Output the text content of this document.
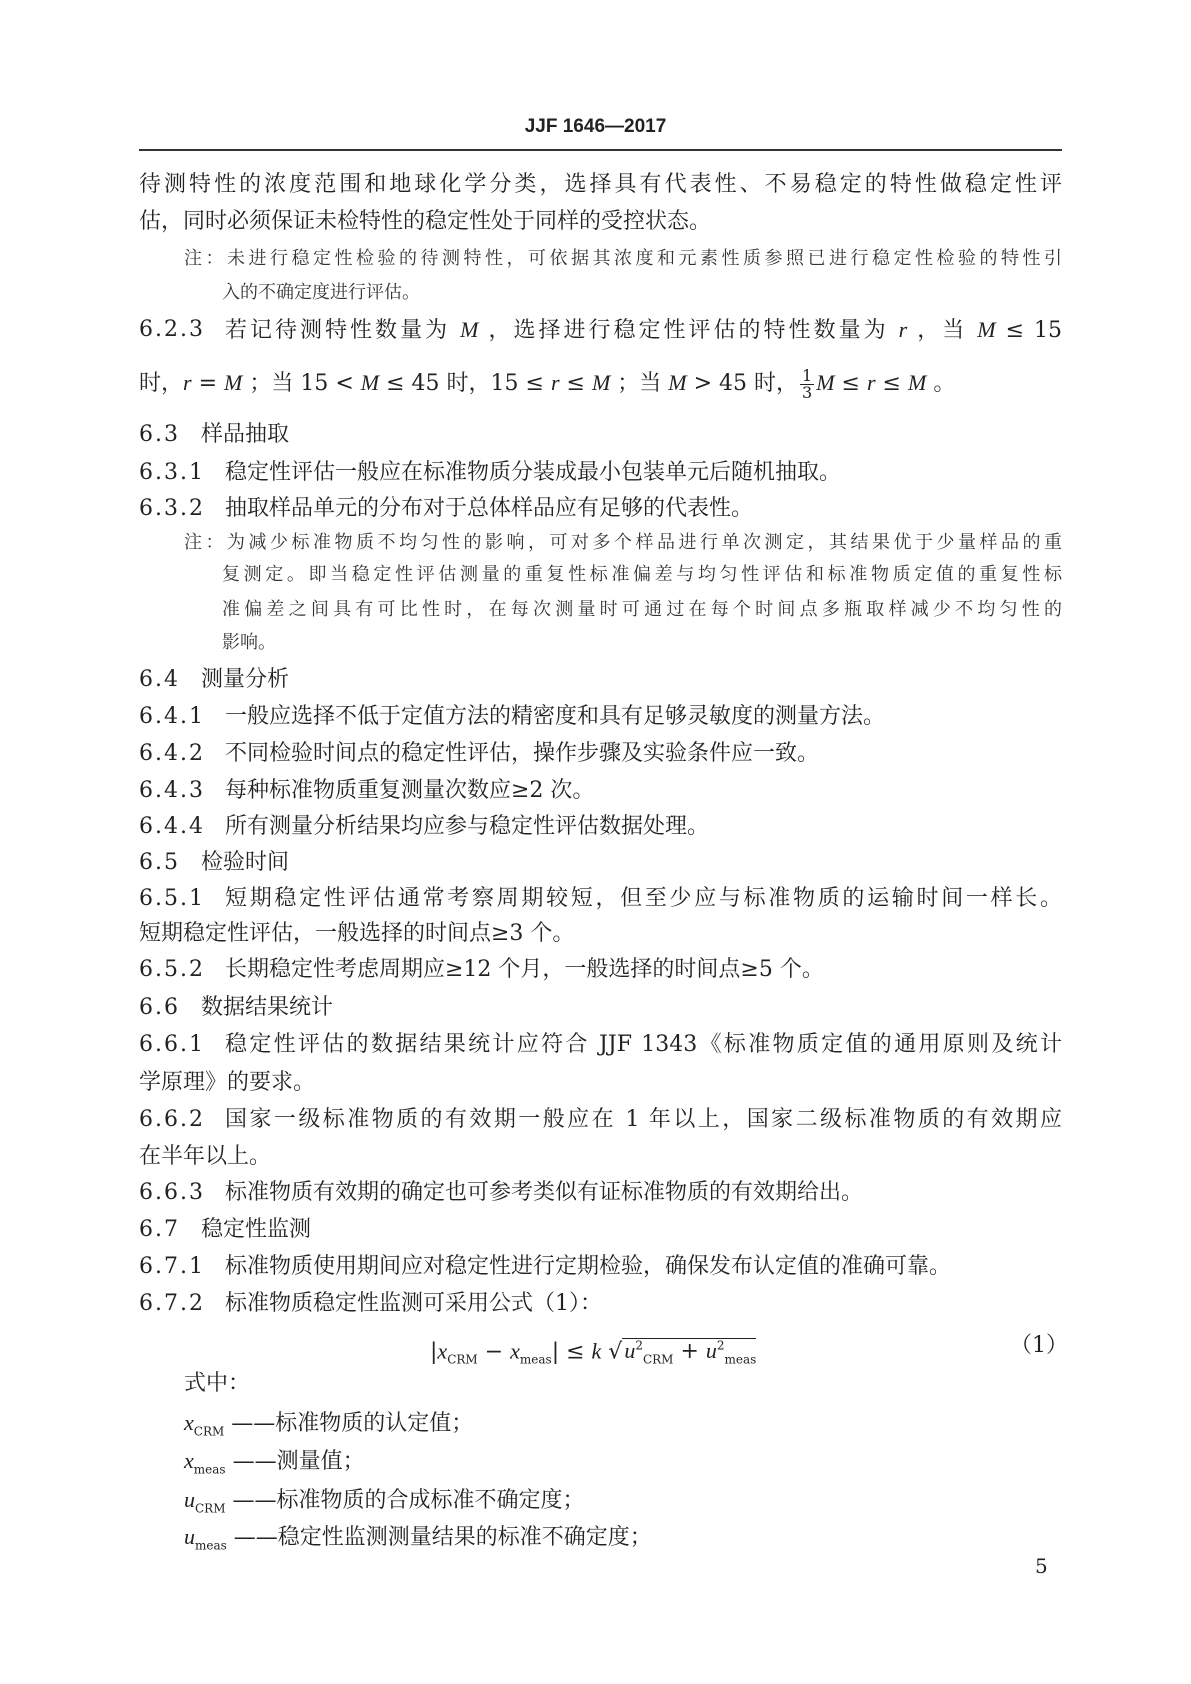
JJF 1646—2017
待测特性的浓度范围和地球化学分类，选择具有代表性、不易稳定的特性做稳定性评
估，同时必须保证未检特性的稳定性处于同样的受控状态。
注：未进行稳定性检验的待测特性，可依据其浓度和元素性质参照已进行稳定性检验的特性引
入的不确定度进行评估。
6.2.3 若记待测特性数量为 M ，选择进行稳定性评估的特性数量为 r ，当 M ≤ 15
时，r = M ；当 15 < M ≤ 45 时，15 ≤ r ≤ M ；当 M > 45 时， $\frac{1}{3}$ M ≤ r ≤ M 。
6.3 样品抽取
6.3.1 稳定性评估一般应在标准物质分装成最小包装单元后随机抽取。
6.3.2 抽取样品单元的分布对于总体样品应有足够的代表性。
注：为减少标准物质不均匀性的影响，可对多个样品进行单次测定，其结果优于少量样品的重
复测定。即当稳定性评估测量的重复性标准偏差与均匀性评估和标准物质定值的重复性标
准偏差之间具有可比性时，在每次测量时可通过在每个时间点多瓶取样减少不均匀性的
影响。
6.4 测量分析
6.4.1 一般应选择不低于定值方法的精密度和具有足够灵敏度的测量方法。
6.4.2 不同检验时间点的稳定性评估，操作步骤及实验条件应一致。
6.4.3 每种标准物质重复测量次数应≥2 次。
6.4.4 所有测量分析结果均应参与稳定性评估数据处理。
6.5 检验时间
6.5.1 短期稳定性评估通常考察周期较短，但至少应与标准物质的运输时间一样长。
短期稳定性评估，一般选择的时间点≥3 个。
6.5.2 长期稳定性考虑周期应≥12 个月，一般选择的时间点≥5 个。
6.6 数据结果统计
6.6.1 稳定性评估的数据结果统计应符合 JJF 1343《标准物质定值的通用原则及统计
学原理》的要求。
6.6.2 国家一级标准物质的有效期一般应在 1 年以上，国家二级标准物质的有效期应
在半年以上。
6.6.3 标准物质有效期的确定也可参考类似有证标准物质的有效期给出。
6.7 稳定性监测
6.7.1 标准物质使用期间应对稳定性进行定期检验，确保发布认定值的准确可靠。
6.7.2 标准物质稳定性监测可采用公式（1）：
$|x_{CRM} - x_{meas}| \le k$ $√u^2_{CRM} + u^2_{meas}$
（1）
式中：
$x_{CRM}$ ——标准物质的认定值；
$x_{meas}$ ——测量值；
$u_{CRM}$ ——标准物质的合成标准不确定度；
$u_{meas}$ ——稳定性监测测量结果的标准不确定度；
5
